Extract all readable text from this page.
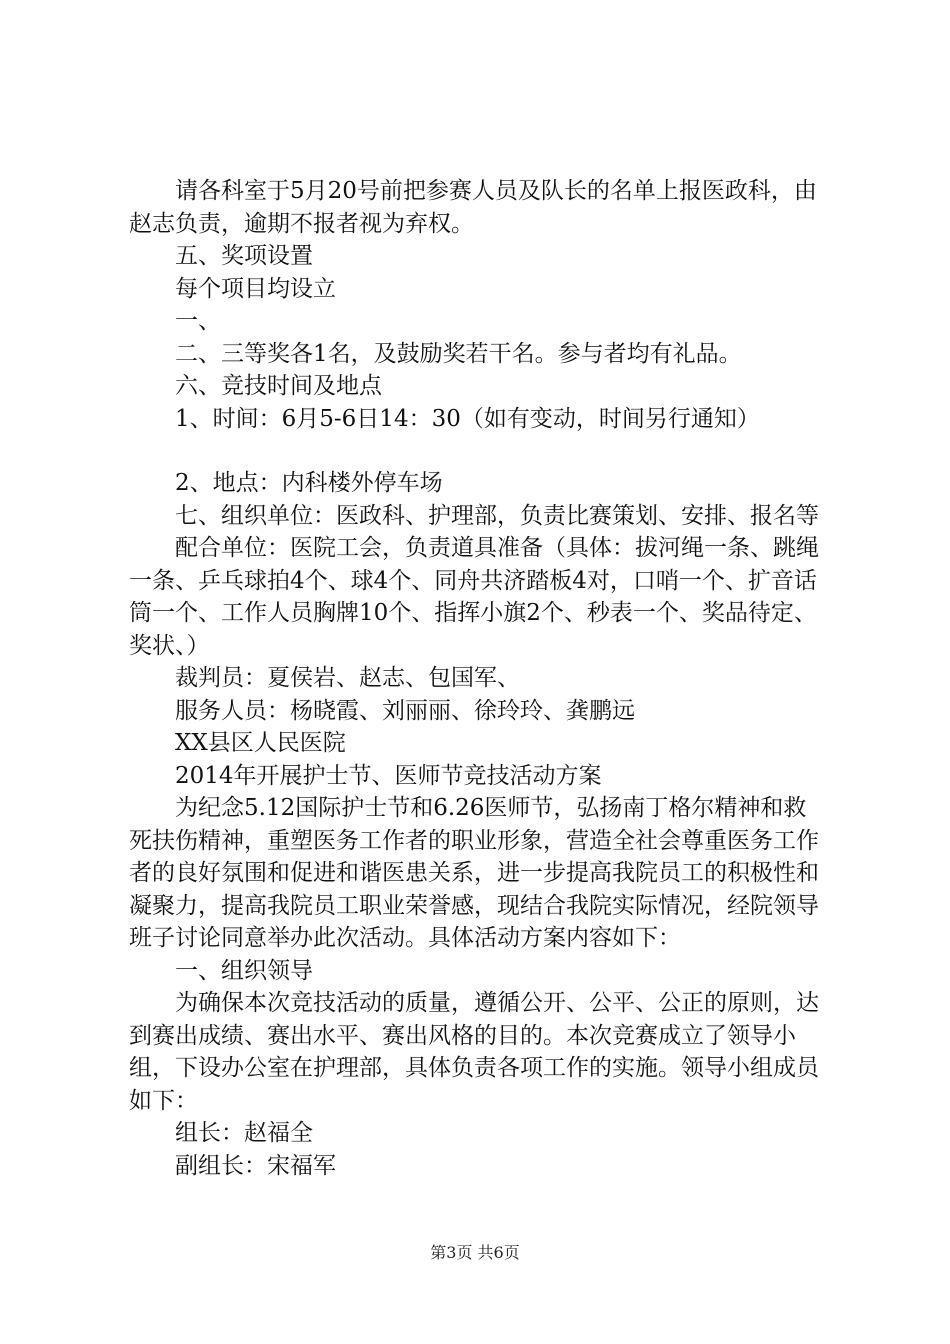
请各科室于5月20号前把参赛人员及队长的名单上报医政科，由赵志负责，逾期不报者视为弃权。

五、奖项设置

每个项目均设立

一、

二、三等奖各1名，及鼓励奖若干名。参与者均有礼品。

六、竞技时间及地点

1、时间：6月5-6日14：30（如有变动，时间另行通知）

2、地点：内科楼外停车场

七、组织单位：医政科、护理部，负责比赛策划、安排、报名等

配合单位：医院工会，负责道具准备（具体：拔河绳一条、跳绳一条、乒乓球拍4个、球4个、同舟共济踏板4对，口哨一个、扩音话筒一个、工作人员胸牌10个、指挥小旗2个、秒表一个、奖品待定、奖状、）

裁判员：夏侯岩、赵志、包国军、

服务人员：杨晓霞、刘丽丽、徐玲玲、龚鹏远

XX县区人民医院

2014年开展护士节、医师节竞技活动方案

为纪念5.12国际护士节和6.26医师节，弘扬南丁格尔精神和救死扶伤精神，重塑医务工作者的职业形象，营造全社会尊重医务工作者的良好氛围和促进和谐医患关系，进一步提高我院员工的积极性和凝聚力，提高我院员工职业荣誉感，现结合我院实际情况，经院领导班子讨论同意举办此次活动。具体活动方案内容如下：

一、组织领导

为确保本次竞技活动的质量，遵循公开、公平、公正的原则，达到赛出成绩、赛出水平、赛出风格的目的。本次竞赛成立了领导小组，下设办公室在护理部，具体负责各项工作的实施。领导小组成员如下：

组长：赵福全

副组长：宋福军

第3页 共6页
